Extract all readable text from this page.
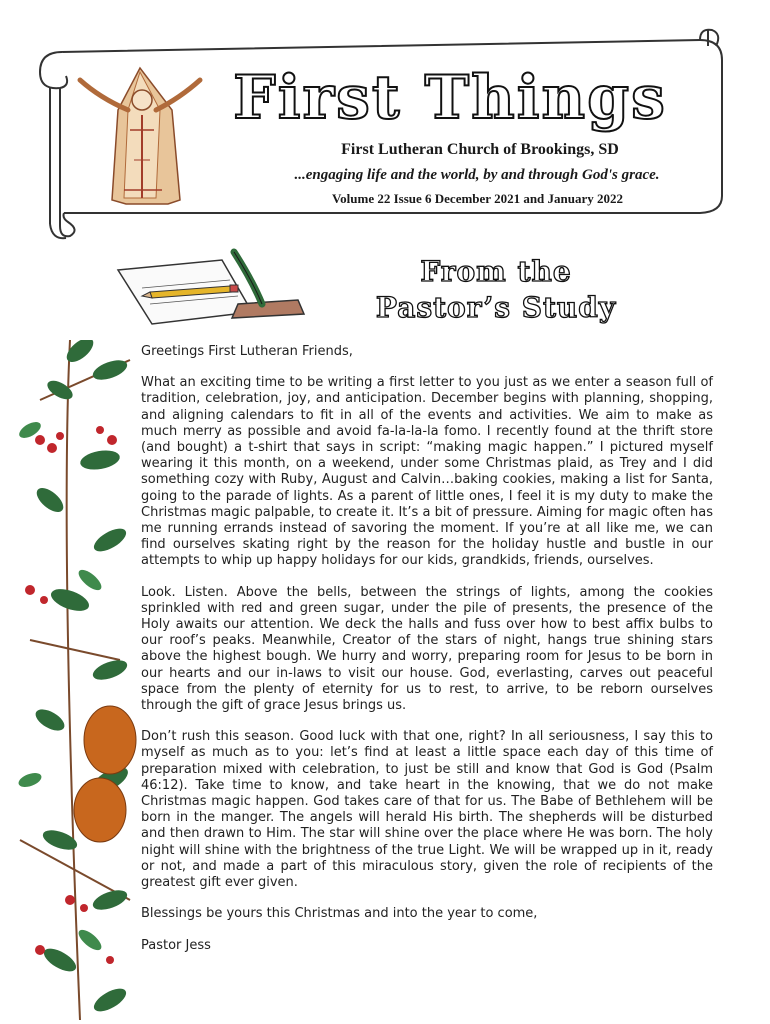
First Things
First Lutheran Church of Brookings, SD
...engaging life and the world, by and through God's grace.
Volume 22 Issue 6 December 2021 and January 2022
From the
Pastor’s Study

Greetings First Lutheran Friends,

What an exciting time to be writing a first letter to you just as we enter a season full of tradition, celebration, joy, and anticipation. December begins with planning, shopping, and aligning calendars to fit in all of the events and activities. We aim to make as much merry as possible and avoid fa-la-la-la fomo. I recently found at the thrift store (and bought) a t-shirt that says in script: “making magic happen.” I pictured myself wearing it this month, on a weekend, under some Christmas plaid, as Trey and I did something cozy with Ruby, August and Calvin…baking cookies, making a list for Santa, going to the parade of lights. As a parent of little ones, I feel it is my duty to make the Christmas magic palpable, to create it. It’s a bit of pressure. Aiming for magic often has me running errands instead of savoring the moment. If you’re at all like me, we can find ourselves skating right by the reason for the holiday hustle and bustle in our attempts to whip up happy holidays for our kids, grandkids, friends, ourselves.

Look. Listen. Above the bells, between the strings of lights, among the cookies sprinkled with red and green sugar, under the pile of presents, the presence of the Holy awaits our attention. We deck the halls and fuss over how to best affix bulbs to our roof’s peaks. Meanwhile, Creator of the stars of night, hangs true shining stars above the highest bough. We hurry and worry, preparing room for Jesus to be born in our hearts and our in-laws to visit our house. God, everlasting, carves out peaceful space from the plenty of eternity for us to rest, to arrive, to be reborn ourselves through the gift of grace Jesus brings us.

Don’t rush this season. Good luck with that one, right? In all seriousness, I say this to myself as much as to you: let’s find at least a little space each day of this time of preparation mixed with celebration, to just be still and know that God is God (Psalm 46:12). Take time to know, and take heart in the knowing, that we do not make Christmas magic happen. God takes care of that for us. The Babe of Bethlehem will be born in the manger. The angels will herald His birth. The shepherds will be disturbed and then drawn to Him. The star will shine over the place where He was born. The holy night will shine with the brightness of the true Light. We will be wrapped up in it, ready or not, and made a part of this miraculous story, given the role of recipients of the greatest gift ever given.

Blessings be yours this Christmas and into the year to come,

Pastor Jess
